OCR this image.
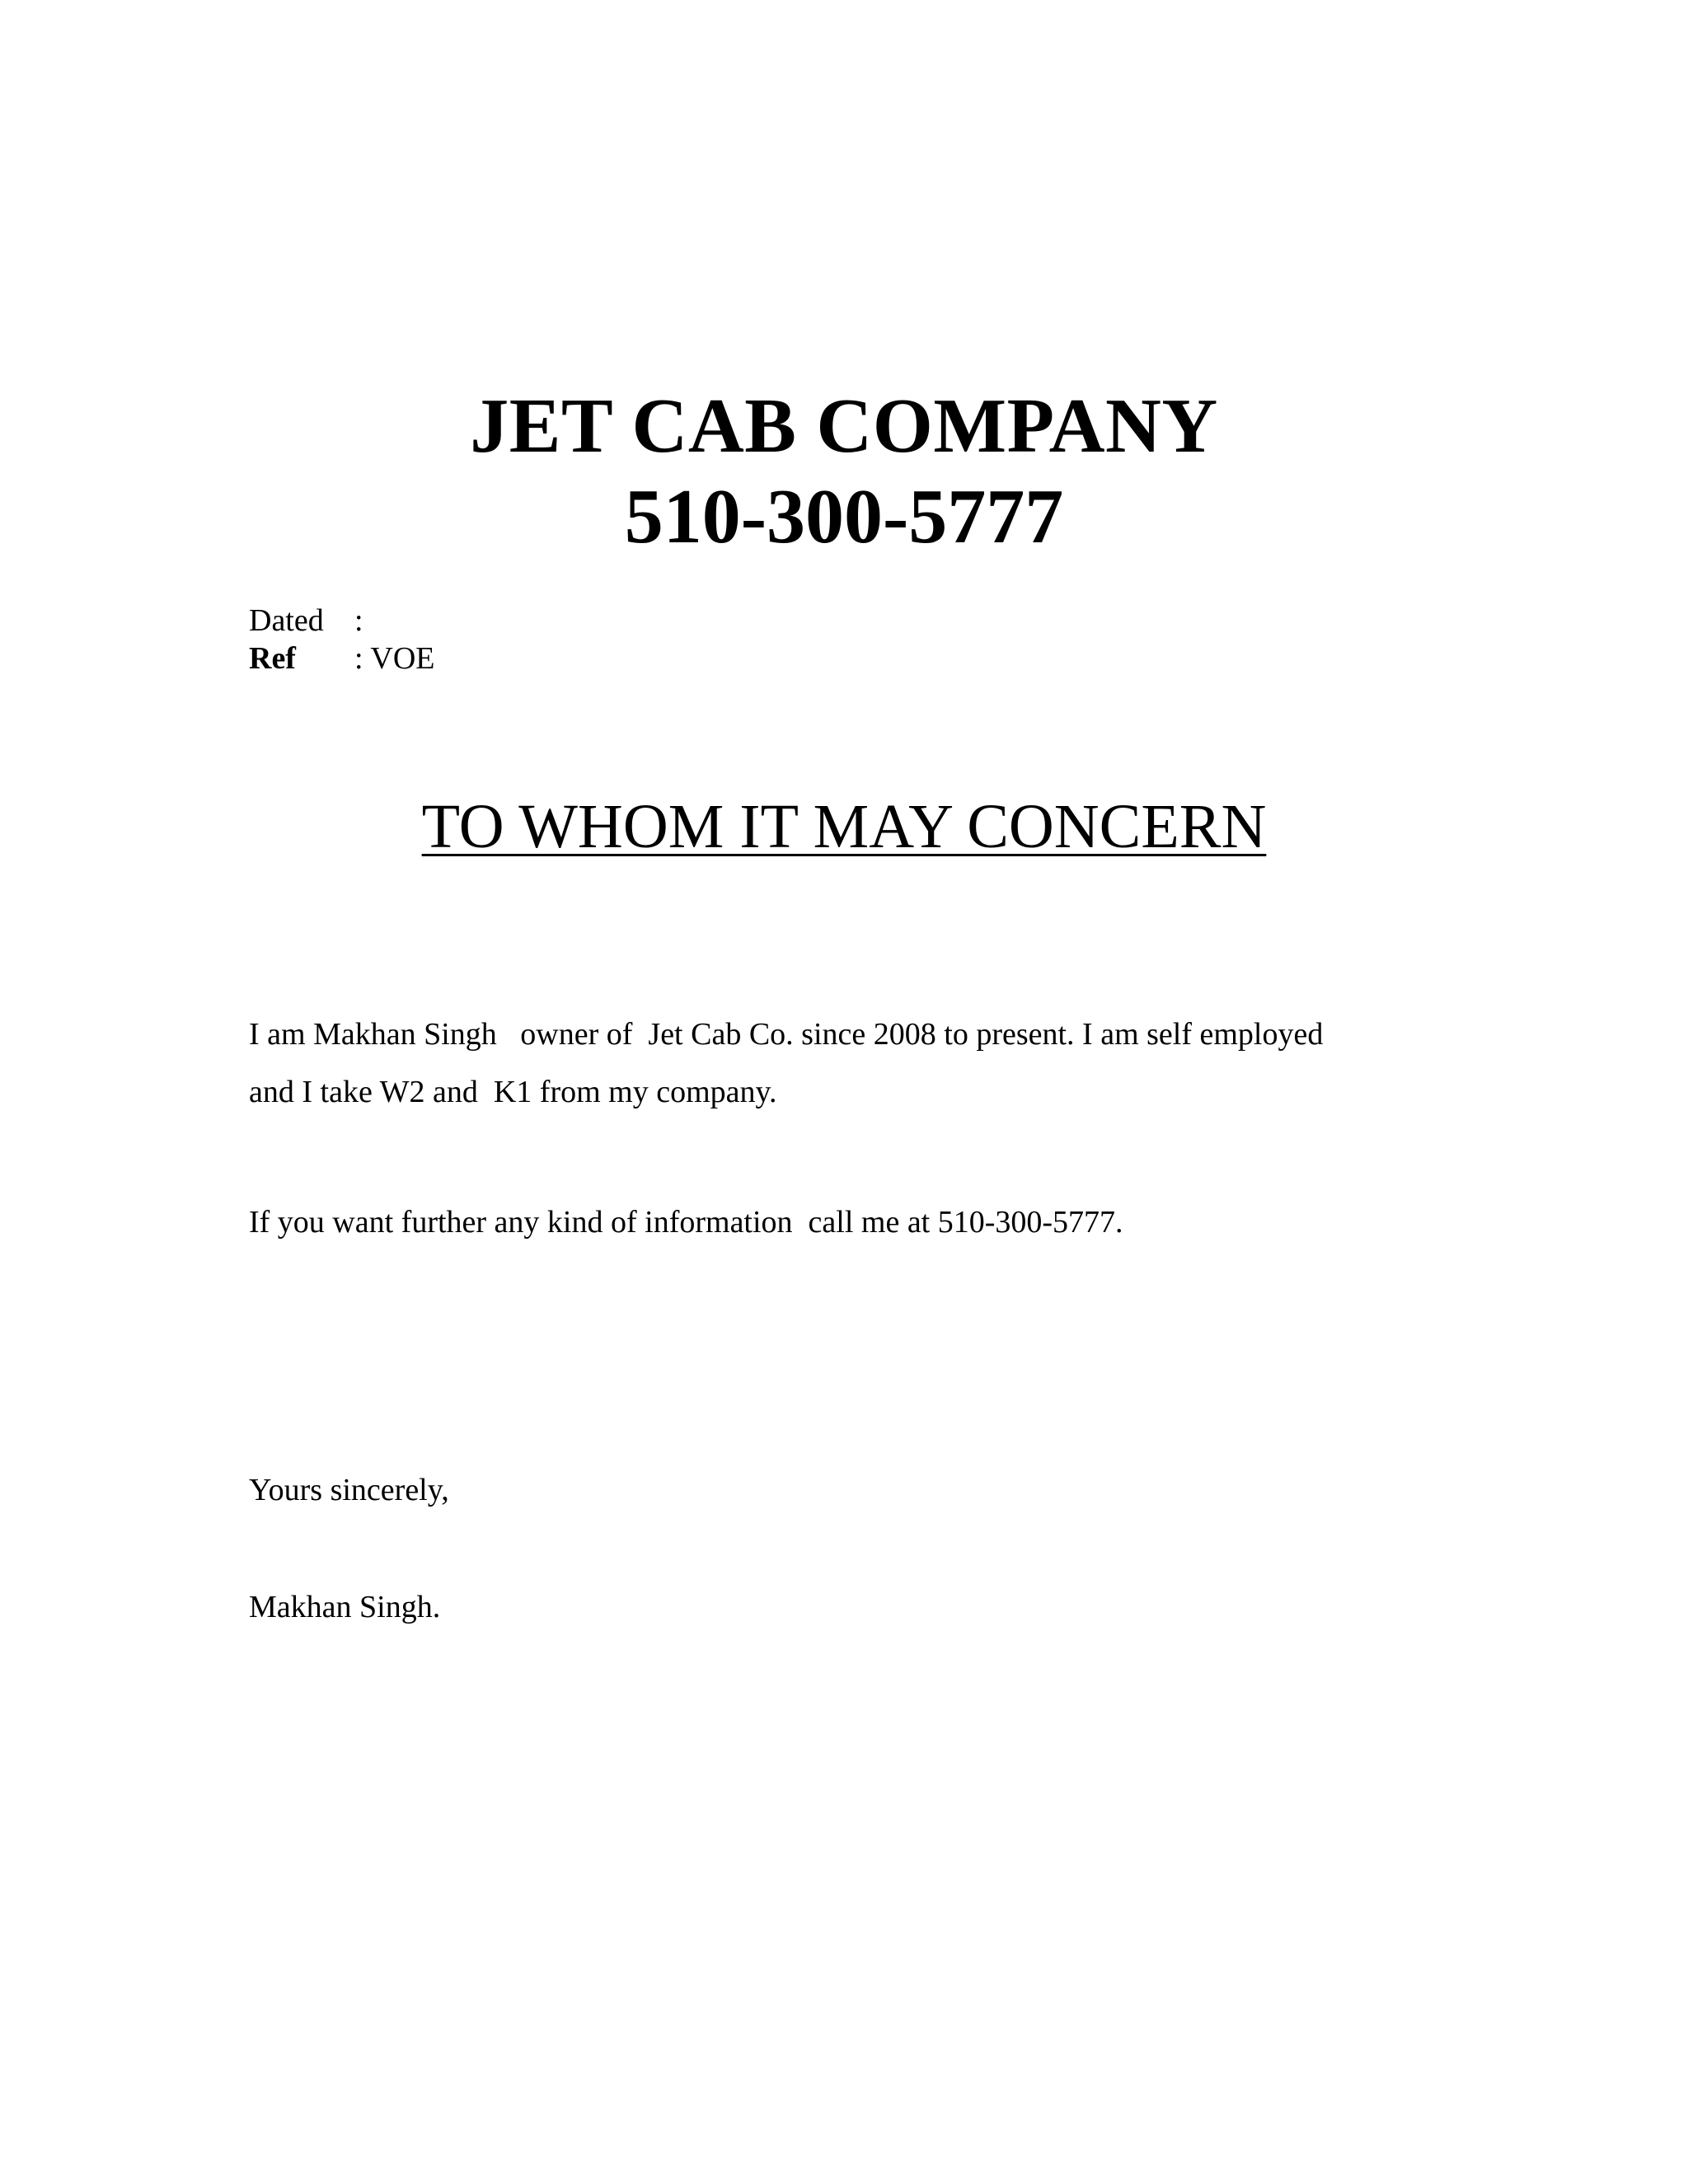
JET CAB COMPANY
510-300-5777
Dated :
Ref	: VOE
TO WHOM IT MAY CONCERN
I am Makhan Singh   owner of  Jet Cab Co. since 2008 to present. I am self employed
and I take W2 and  K1 from my company.
If you want further any kind of information  call me at 510-300-5777.
Yours sincerely,
Makhan Singh.
